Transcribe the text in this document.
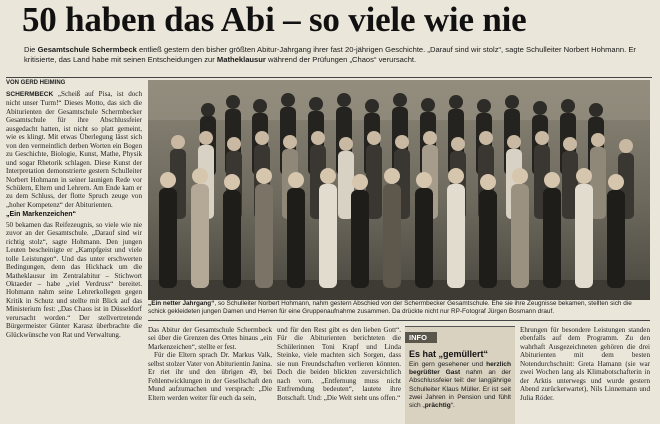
50 haben das Abi – so viele wie nie
Die Gesamtschule Schermbeck entließ gestern den bisher größten Abitur-Jahrgang ihrer fast 20-jährigen Geschichte. „Darauf sind wir stolz“, sagte Schulleiter Norbert Hohmann. Er kritisierte, das Land habe mit seinen Entscheidungen zur Matheklausur während der Prüfungen „Chaos“ verursacht.
VON GERD HEIMING

SCHERMBECK „Scheiß auf Pisa, ist doch nicht unser Turm!“ Dieses Motto, das sich die Abiturienten der Gesamtschule Schermbecker Gesamtschule für ihre Abschlussfeier ausgedacht hatten, ist nicht so platt gemeint, wie es klingt. Mit etwas Überlegung lässt sich von den vermeintlich derben Worten ein Bogen zu Geschichte, Biologie, Kunst, Mathe, Physik und sogar Rhetorik schlagen. Diese Kunst der Interpretation demonstrierte gestern Schulleiter Norbert Hohmann in seiner launigen Rede vor Schülern, Eltern und Lehrern. Am Ende kam er zu dem Schluss, der flotte Spruch zeuge von „hoher Kompetenz“ der Abiturienten.

„Ein Markenzeichen“

50 bekamen das Reifezeugnis, so viele wie nie zuvor an der Gesamtschule. „Darauf sind wir richtig stolz“, sagte Hohmann. Den jungen Leuten bescheinigte er „Kampfgeist und viele tolle Leistungen“. Und das unter erschwerten Bedingungen, denn das Hickhack um die Matheklausur im Zentralabitur – Stichwort Oktaeder – habe „viel Verdruss“ bereitet. Hohmann nahm seine Lehrerkollegen gegen Kritik in Schutz und stellte mit Blick auf das Ministerium fest: „Das Chaos ist in Düsseldorf verursacht worden.“ Der stellvertretende Bürgermeister Günter Karasz überbrachte die Glückwünsche von Rat und Verwaltung.

„Ein netter Jahrgang“, so Schulleiter Norbert Hohmann, nahm gestern Abschied von der Schermbecker Gesamtschule. Ehe sie ihre Zeugnisse bekamen, stellten sich die schick gekleideten jungen Damen und Herren für eine Gruppenaufnahme zusammen. Da drückte nicht nur RP-Fotograf Jürgen Bosmann drauf.

Das Abitur der Gesamtschule Schermbeck sei über die Grenzen des Ortes hinaus „ein Markenzeichen“, stellte er fest.

Für die Eltern sprach Dr. Markus Valk, selbst stolzer Vater von Abiturientin Janina. Er riet ihr und den übrigen 49, bei Fehlentwicklungen in der Gesellschaft den Mund aufzumachen und versprach: „Die Eltern werden weiter für euch da sein,

und für den Rest gibt es den lieben Gott“. Für die Abiturienten berichteten die Schülerinnen Toni Krapf und Linda Steinke, viele machten sich Sorgen, dass sie nun Freundschaften verlieren könnten. Doch die beiden blickten zuversichtlich nach vorn. „Entfernung muss nicht Entfremdung bedeuten“, lautete ihre Botschaft. Und: „Die Welt steht uns offen.“

INFO
Es hat „gemüllert“
Ein gern gesehener und herzlich begrüßter Gast nahm an der Abschlussfeier teil: der langjährige Schulleiter Klaus Müller. Er ist seit zwei Jahren in Pension und fühlt sich „prächtig“.

Ehrungen für besondere Leistungen standen ebenfalls auf dem Programm. Zu den wahrhaft Ausgezeichneten gehören die drei Abiturienten mit dem besten Notendurchschnitt: Greta Hamann (sie war zwei Wochen lang als Klimabotschafterin in der Arktis unterwegs und wurde gestern Abend zurückerwartet), Nils Linnemann und Julia Röder.
